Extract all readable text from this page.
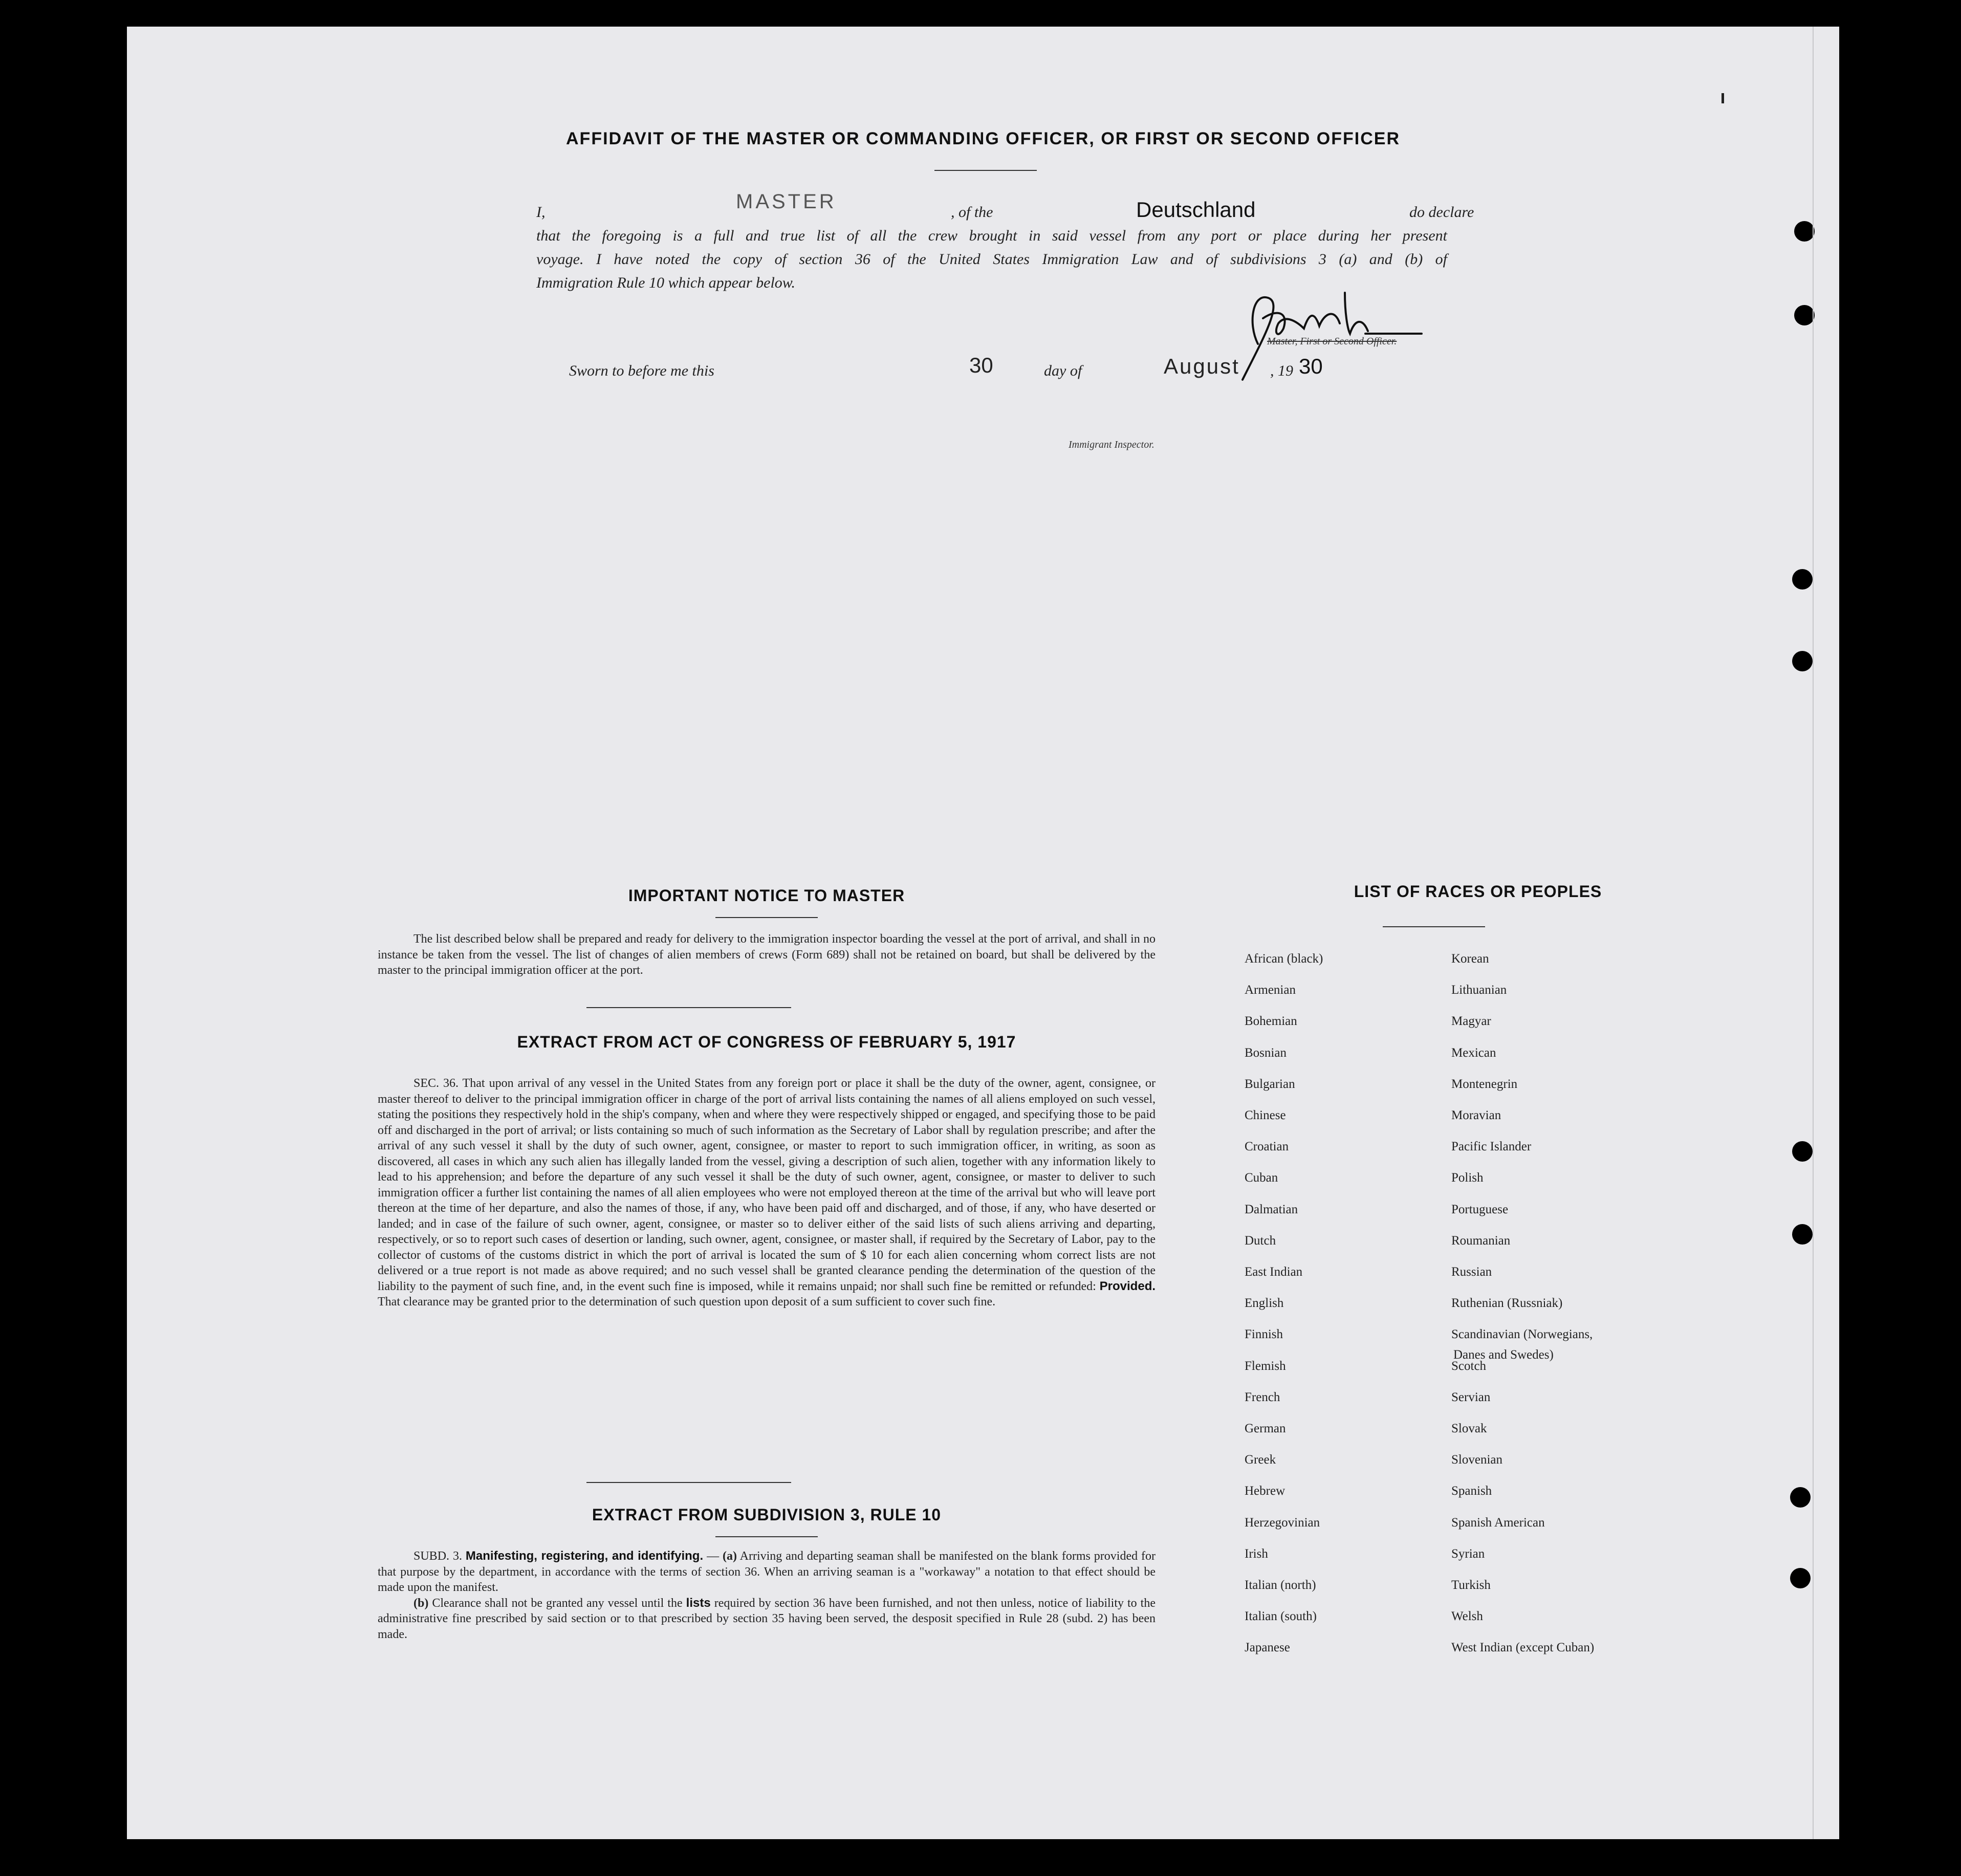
AFFIDAVIT OF THE MASTER OR COMMANDING OFFICER, OR FIRST OR SECOND OFFICER
I,	MASTER	, of the	Deutschland	do declare
that the foregoing is a full and true list of all the crew brought in said vessel from any port or place during her present
voyage. I have noted the copy of section 36 of the United States Immigration Law and of subdivisions 3 (a) and (b) of
Immigration Rule 10 which appear below.
Master, First or Second Officer.
Sworn to before me this	30	day of	August , 19 30
Immigrant Inspector.
IMPORTANT NOTICE TO MASTER

The list described below shall be prepared and ready for delivery to the immigration inspector boarding the vessel at the port of arrival, and shall in no instance be taken from the vessel. The list of changes of alien members of crews (Form 689) shall not be retained on board, but shall be delivered by the master to the principal immigration officer at the port.

EXTRACT FROM ACT OF CONGRESS OF FEBRUARY 5, 1917

SEC. 36. That upon arrival of any vessel in the United States from any foreign port or place it shall be the duty of the owner, agent, consignee, or master thereof to deliver to the principal immigration officer in charge of the port of arrival lists containing the names of all aliens employed on such vessel, stating the positions they respectively hold in the ship's company, when and where they were respectively shipped or engaged, and specifying those to be paid off and discharged in the port of arrival; or lists containing so much of such information as the Secretary of Labor shall by regulation prescribe; and after the arrival of any such vessel it shall by the duty of such owner, agent, consignee, or master to report to such immigration officer, in writing, as soon as discovered, all cases in which any such alien has illegally landed from the vessel, giving a description of such alien, together with any information likely to lead to his apprehension; and before the departure of any such vessel it shall be the duty of such owner, agent, consignee, or master to deliver to such immigration officer a further list containing the names of all alien employees who were not employed thereon at the time of the arrival but who will leave port thereon at the time of her departure, and also the names of those, if any, who have been paid off and discharged, and of those, if any, who have deserted or landed; and in case of the failure of such owner, agent, consignee, or master so to deliver either of the said lists of such aliens arriving and departing, respectively, or so to report such cases of desertion or landing, such owner, agent, consignee, or master shall, if required by the Secretary of Labor, pay to the collector of customs of the customs district in which the port of arrival is located the sum of $ 10 for each alien concerning whom correct lists are not delivered or a true report is not made as above required; and no such vessel shall be granted clearance pending the determination of the question of the liability to the payment of such fine, and, in the event such fine is imposed, while it remains unpaid; nor shall such fine be remitted or refunded: Provided. That clearance may be granted prior to the determination of such question upon deposit of a sum sufficient to cover such fine.

EXTRACT FROM SUBDIVISION 3, RULE 10

SUBD. 3. Manifesting, registering, and identifying. — (a) Arriving and departing seaman shall be manifested on the blank forms provided for that purpose by the department, in accordance with the terms of section 36. When an arriving seaman is a "workaway" a notation to that effect should be made upon the manifest.

(b) Clearance shall not be granted any vessel until the lists required by section 36 have been furnished, and not then unless, notice of liability to the administrative fine prescribed by said section or to that prescribed by section 35 having been served, the desposit specified in Rule 28 (subd. 2) has been made.

LIST OF RACES OR PEOPLES
African (black)
Armenian
Bohemian
Bosnian
Bulgarian
Chinese
Croatian
Cuban
Dalmatian
Dutch
East Indian
English
Finnish
Flemish
French
German
Greek
Hebrew
Herzegovinian
Irish
Italian (north)
Italian (south)
Japanese
Korean
Lithuanian
Magyar
Mexican
Montenegrin
Moravian
Pacific Islander
Polish
Portuguese
Roumanian
Russian
Ruthenian (Russniak)
Scandinavian (Norwegians,
Scotch
Servian
Slovak
Slovenian
Spanish
Spanish American
Syrian
Turkish
Welsh
West Indian (except Cuban)
Danes and Swedes)
